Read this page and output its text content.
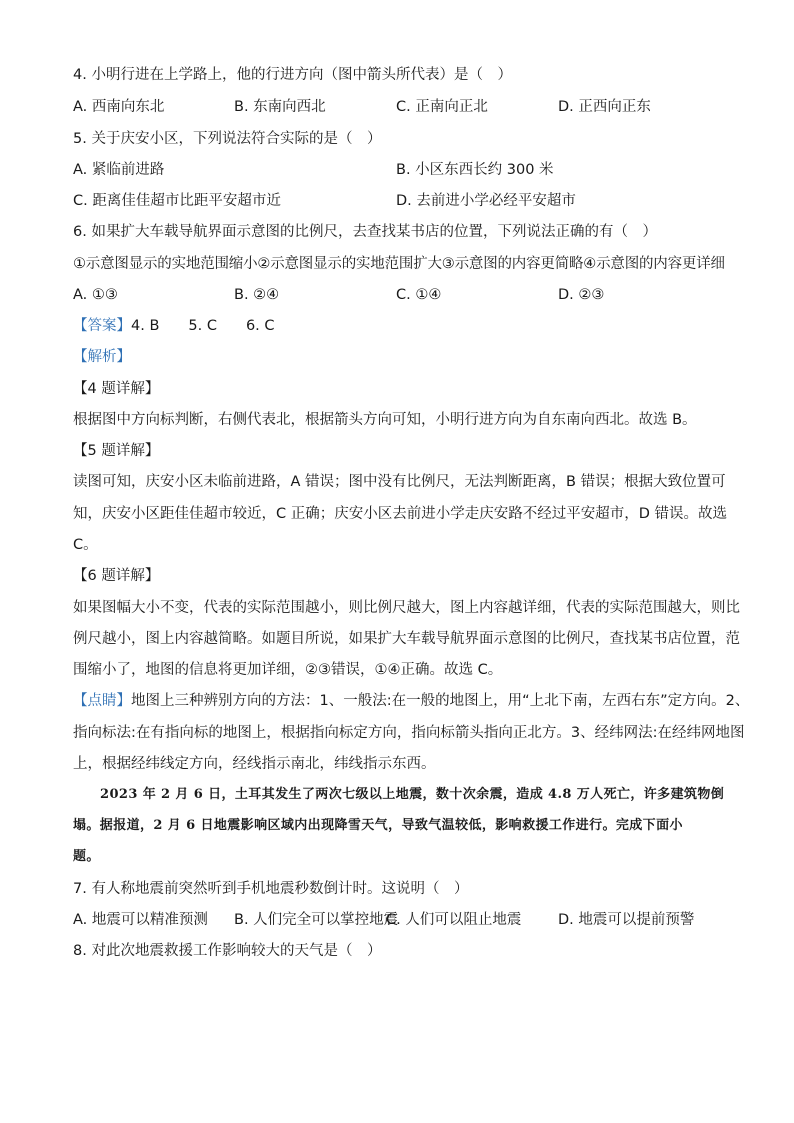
4. 小明行进在上学路上，他的行进方向（图中箭头所代表）是（　）
A. 西南向东北	B. 东南向西北	C. 正南向正北	D. 正西向正东
5. 关于庆安小区，下列说法符合实际的是（　）
A. 紧临前进路	B. 小区东西长约 300 米
C. 距离佳佳超市比距平安超市近	D. 去前进小学必经平安超市
6. 如果扩大车载导航界面示意图的比例尺，去查找某书店的位置，下列说法正确的有（　）
①示意图显示的实地范围缩小②示意图显示的实地范围扩大③示意图的内容更简略④示意图的内容更详细
A. ①③	B. ②④	C. ①④	D. ②③
【答案】4. B　　5. C　　6. C
【解析】
【4 题详解】
根据图中方向标判断，右侧代表北，根据箭头方向可知，小明行进方向为自东南向西北。故选 B。
【5 题详解】
读图可知，庆安小区未临前进路，A 错误；图中没有比例尺，无法判断距离，B 错误；根据大致位置可
知，庆安小区距佳佳超市较近，C 正确；庆安小区去前进小学走庆安路不经过平安超市，D 错误。故选
C。
【6 题详解】
如果图幅大小不变，代表的实际范围越小，则比例尺越大，图上内容越详细，代表的实际范围越大，则比
例尺越小，图上内容越简略。如题目所说，如果扩大车载导航界面示意图的比例尺，查找某书店位置，范
围缩小了，地图的信息将更加详细，②③错误，①④正确。故选 C。
【点睛】地图上三种辨别方向的方法：1、一般法:在一般的地图上，用“上北下南，左西右东”定方向。2、
指向标法:在有指向标的地图上，根据指向标定方向，指向标箭头指向正北方。3、经纬网法:在经纬网地图
上，根据经纬线定方向，经线指示南北，纬线指示东西。
2023 年 2 月 6 日，土耳其发生了两次七级以上地震，数十次余震，造成 4.8 万人死亡，许多建筑物倒
塌。据报道，2 月 6 日地震影响区域内出现降雪天气，导致气温较低，影响救援工作进行。完成下面小
题。
7. 有人称地震前突然听到手机地震秒数倒计时。这说明（　）
A. 地震可以精准预测 B. 人们完全可以掌控地震
C. 人们可以阻止地震	D. 地震可以提前预警
8. 对此次地震救援工作影响较大的天气是（　）
